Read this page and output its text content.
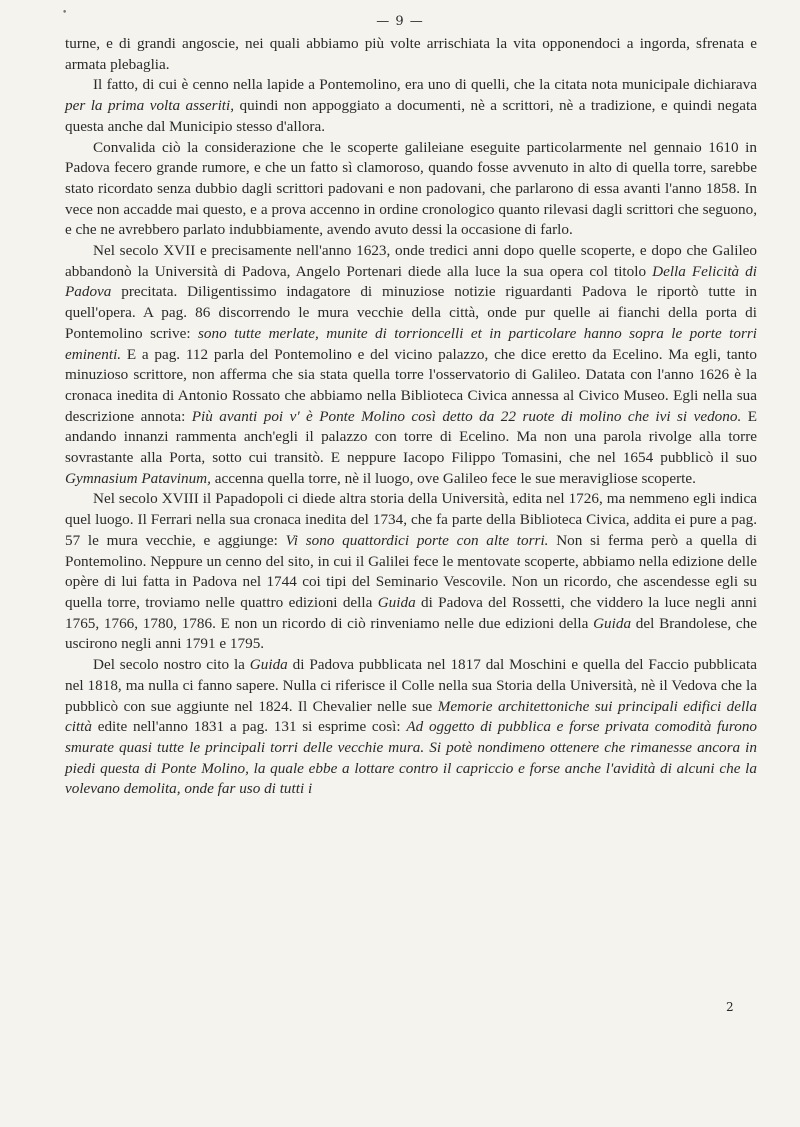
•
— 9 —

turne, e di grandi angoscie, nei quali abbiamo più volte arrischiata la vita opponendoci a ingorda, sfrenata e armata plebaglia.

Il fatto, di cui è cenno nella lapide a Pontemolino, era uno di quelli, che la citata nota municipale dichiarava per la prima volta asseriti, quindi non appoggiato a documenti, nè a scrittori, nè a tradizione, e quindi negata questa anche dal Municipio stesso d'allora.

Convalida ciò la considerazione che le scoperte galileiane eseguite particolarmente nel gennaio 1610 in Padova fecero grande rumore, e che un fatto sì clamoroso, quando fosse avvenuto in alto di quella torre, sarebbe stato ricordato senza dubbio dagli scrittori padovani e non padovani, che parlarono di essa avanti l'anno 1858. In vece non accadde mai questo, e a prova accenno in ordine cronologico quanto rilevasi dagli scrittori che seguono, e che ne avrebbero parlato indubbiamente, avendo avuto dessi la occasione di farlo.

Nel secolo XVII e precisamente nell'anno 1623, onde tredici anni dopo quelle scoperte, e dopo che Galileo abbandonò la Università di Padova, Angelo Portenari diede alla luce la sua opera col titolo Della Felicità di Padova precitata. Diligentissimo indagatore di minuziose notizie riguardanti Padova le riportò tutte in quell'opera. A pag. 86 discorrendo le mura vecchie della città, onde pur quelle ai fianchi della porta di Pontemolino scrive: sono tutte merlate, munite di torrioncelli et in particolare hanno sopra le porte torri eminenti. E a pag. 112 parla del Pontemolino e del vicino palazzo, che dice eretto da Ecelino. Ma egli, tanto minuzioso scrittore, non afferma che sia stata quella torre l'osservatorio di Galileo. Datata con l'anno 1626 è la cronaca inedita di Antonio Rossato che abbiamo nella Biblioteca Civica annessa al Civico Museo. Egli nella sua descrizione annota: Più avanti poi v' è Ponte Molino così detto da 22 ruote di molino che ivi si vedono. E andando innanzi rammenta anch'egli il palazzo con torre di Ecelino. Ma non una parola rivolge alla torre sovrastante alla Porta, sotto cui transitò. E neppure Iacopo Filippo Tomasini, che nel 1654 pubblicò il suo Gymnasium Patavinum, accenna quella torre, nè il luogo, ove Galileo fece le sue meravigliose scoperte.

Nel secolo XVIII il Papadopoli ci diede altra storia della Università, edita nel 1726, ma nemmeno egli indica quel luogo. Il Ferrari nella sua cronaca inedita del 1734, che fa parte della Biblioteca Civica, addita ei pure a pag. 57 le mura vecchie, e aggiunge: Vi sono quattordici porte con alte torri. Non si ferma però a quella di Pontemolino. Neppure un cenno del sito, in cui il Galilei fece le mentovate scoperte, abbiamo nella edizione delle opère di lui fatta in Padova nel 1744 coi tipi del Seminario Vescovile. Non un ricordo, che ascendesse egli su quella torre, troviamo nelle quattro edizioni della Guida di Padova del Rossetti, che viddero la luce negli anni 1765, 1766, 1780, 1786. E non un ricordo di ciò rinveniamo nelle due edizioni della Guida del Brandolese, che uscirono negli anni 1791 e 1795.

Del secolo nostro cito la Guida di Padova pubblicata nel 1817 dal Moschini e quella del Faccio pubblicata nel 1818, ma nulla ci fanno sapere. Nulla ci riferisce il Colle nella sua Storia della Università, nè il Vedova che la pubblicò con sue aggiunte nel 1824. Il Chevalier nelle sue Memorie architettoniche sui principali edifici della città edite nell'anno 1831 a pag. 131 si esprime così: Ad oggetto di pubblica e forse privata comodità furono smurate quasi tutte le principali torri delle vecchie mura. Si potè nondimeno ottenere che rimanesse ancora in piedi questa di Ponte Molino, la quale ebbe a lottare contro il capriccio e forse anche l'avidità di alcuni che la volevano demolita, onde far uso di tutti i

2
